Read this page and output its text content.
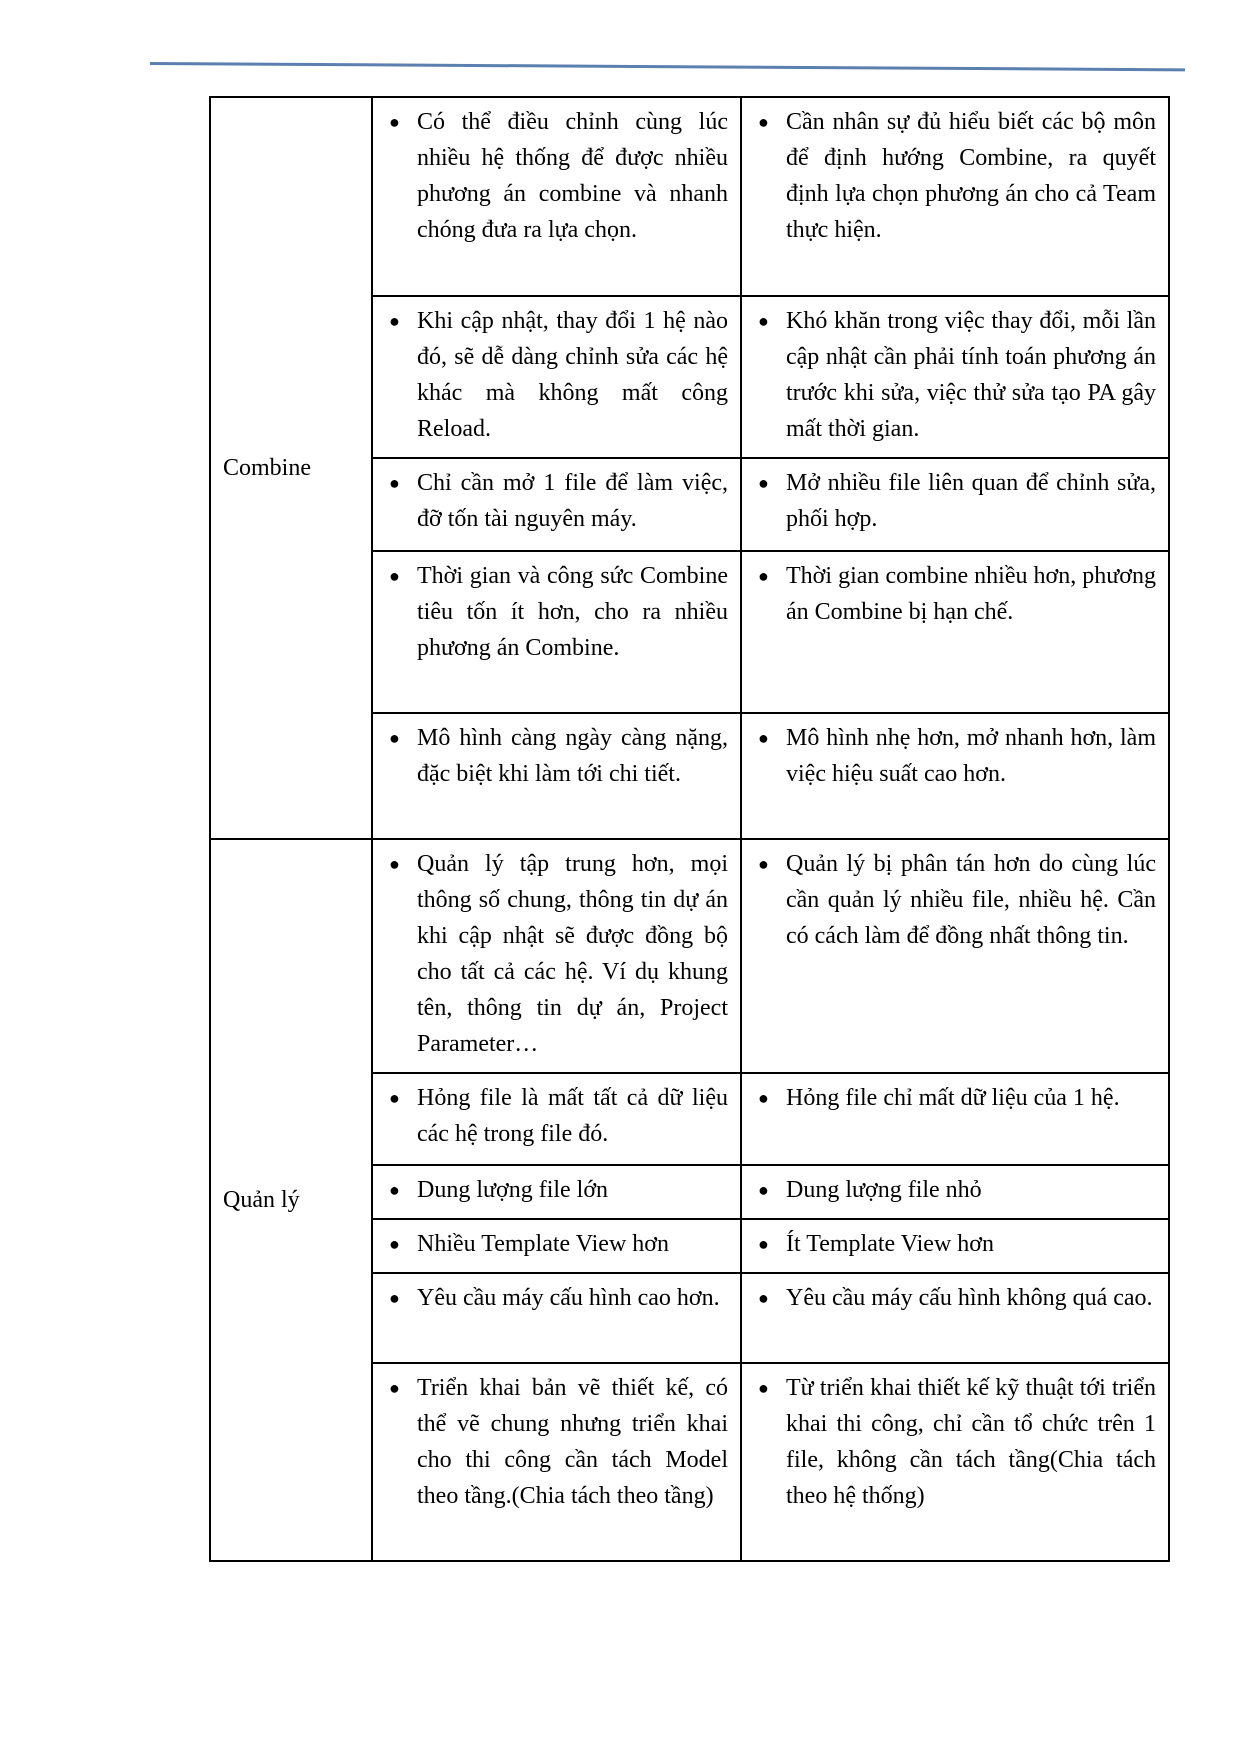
Combine	● Có thể điều chỉnh cùng lúc nhiều hệ thống để được nhiều phương án combine và nhanh chóng đưa ra lựa chọn.	● Cần nhân sự đủ hiểu biết các bộ môn để định hướng Combine, ra quyết định lựa chọn phương án cho cả Team thực hiện.

	● Khi cập nhật, thay đổi 1 hệ nào đó, sẽ dễ dàng chỉnh sửa các hệ khác mà không mất công Reload.	● Khó khăn trong việc thay đổi, mỗi lần cập nhật cần phải tính toán phương án trước khi sửa, việc thử sửa tạo PA gây mất thời gian.

	● Chỉ cần mở 1 file để làm việc, đỡ tốn tài nguyên máy.	● Mở nhiều file liên quan để chỉnh sửa, phối hợp.

	● Thời gian và công sức Combine tiêu tốn ít hơn, cho ra nhiều phương án Combine.	● Thời gian combine nhiều hơn, phương án Combine bị hạn chế.

	● Mô hình càng ngày càng nặng, đặc biệt khi làm tới chi tiết.	● Mô hình nhẹ hơn, mở nhanh hơn, làm việc hiệu suất cao hơn.

Quản lý	● Quản lý tập trung hơn, mọi thông số chung, thông tin dự án khi cập nhật sẽ được đồng bộ cho tất cả các hệ. Ví dụ khung tên, thông tin dự án, Project Parameter…	● Quản lý bị phân tán hơn do cùng lúc cần quản lý nhiều file, nhiều hệ. Cần có cách làm để đồng nhất thông tin.

	● Hỏng file là mất tất cả dữ liệu các hệ trong file đó.	● Hỏng file chỉ mất dữ liệu của 1 hệ.

	● Dung lượng file lớn	● Dung lượng file nhỏ

	● Nhiều Template View hơn	● Ít Template View hơn

	● Yêu cầu máy cấu hình cao hơn.	● Yêu cầu máy cấu hình không quá cao.

	● Triển khai bản vẽ thiết kế, có thể vẽ chung nhưng triển khai cho thi công cần tách Model theo tầng.(Chia tách theo tầng)	● Từ triển khai thiết kế kỹ thuật tới triển khai thi công, chỉ cần tổ chức trên 1 file, không cần tách tầng(Chia tách theo hệ thống)
